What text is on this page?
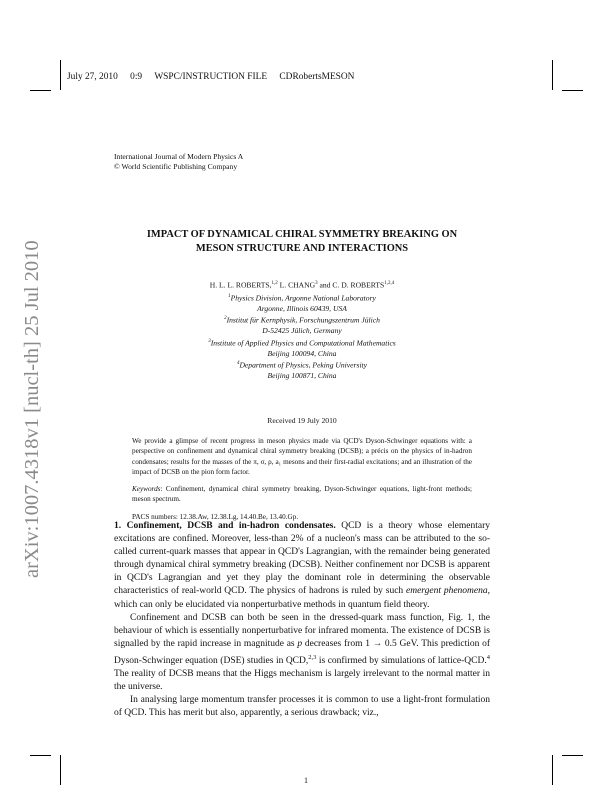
July 27, 2010 0:9 WSPC/INSTRUCTION FILE CDRobertsMESON
arXiv:1007.4318v1 [nucl-th] 25 Jul 2010
International Journal of Modern Physics A
© World Scientific Publishing Company
IMPACT OF DYNAMICAL CHIRAL SYMMETRY BREAKING ON
MESON STRUCTURE AND INTERACTIONS
H. L. L. ROBERTS,$^{1,2}$ L. CHANG$^3$ and C. D. ROBERTS$^{1,2,4}$
$^1$Physics Division, Argonne National Laboratory
Argonne, Illinois 60439, USA
$^2$Institut für Kernphysik, Forschungszentrum Jülich
D-52425 Jülich, Germany
$^3$Institute of Applied Physics and Computational Mathematics
Beijing 100094, China
$^4$Department of Physics, Peking University
Beijing 100871, China
Received 19 July 2010

We provide a glimpse of recent progress in meson physics made via QCD's Dyson-Schwinger equations with: a perspective on confinement and dynamical chiral symmetry breaking (DCSB); a précis on the physics of in-hadron condensates; results for the masses of the π, σ, ρ, a₁ mesons and their first-radial excitations; and an illustration of the impact of DCSB on the pion form factor.

Keywords: Confinement, dynamical chiral symmetry breaking, Dyson-Schwinger equations, light-front methods; meson spectrum.

PACS numbers: 12.38.Aw, 12.38.Lg, 14.40.Be, 13.40.Gp.

1. Confinement, DCSB and in-hadron condensates. QCD is a theory whose elementary excitations are confined. Moreover, less-than 2% of a nucleon's mass can be attributed to the so-called current-quark masses that appear in QCD's Lagrangian, with the remainder being generated through dynamical chiral symmetry breaking (DCSB). Neither confinement nor DCSB is apparent in QCD's Lagrangian and yet they play the dominant role in determining the observable characteristics of real-world QCD. The physics of hadrons is ruled by such emergent phenomena, which can only be elucidated via nonperturbative methods in quantum field theory.

Confinement and DCSB can both be seen in the dressed-quark mass function, Fig. 1, the behaviour of which is essentially nonperturbative for infrared momenta. The existence of DCSB is signalled by the rapid increase in magnitude as p decreases from 1 → 0.5 GeV. This prediction of Dyson-Schwinger equation (DSE) studies in QCD,$^{2,3}$ is confirmed by simulations of lattice-QCD.$^4$ The reality of DCSB means that the Higgs mechanism is largely irrelevant to the normal matter in the universe.

In analysing large momentum transfer processes it is common to use a light-front formulation of QCD. This has merit but also, apparently, a serious drawback; viz.,

1
